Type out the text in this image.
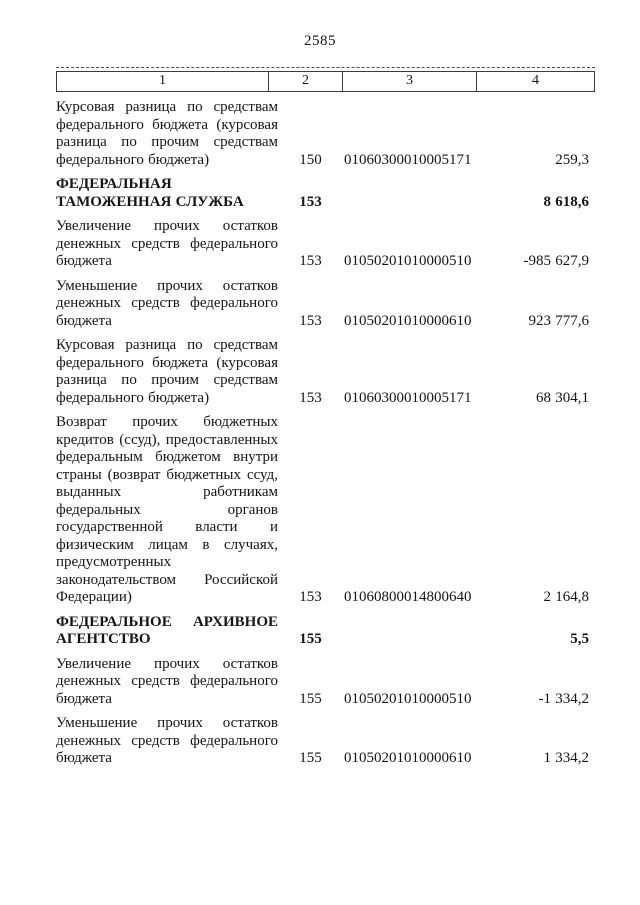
2585
1	2	3	4
Курсовая разница по средствам федерального бюджета (курсовая разница по прочим средствам федерального бюджета)	150	01060300010005171	259,3
ФЕДЕРАЛЬНАЯ ТАМОЖЕННАЯ СЛУЖБА	153		8 618,6
Увеличение прочих остатков денежных средств федерального бюджета	153	01050201010000510	-985 627,9
Уменьшение прочих остатков денежных средств федерального бюджета	153	01050201010000610	923 777,6
Курсовая разница по средствам федерального бюджета (курсовая разница по прочим средствам федерального бюджета)	153	01060300010005171	68 304,1
Возврат прочих бюджетных кредитов (ссуд), предоставленных федеральным бюджетом внутри страны (возврат бюджетных ссуд, выданных работникам федеральных органов государственной власти и физическим лицам в случаях, предусмотренных законодательством Российской Федерации)	153	01060800014800640	2 164,8
ФЕДЕРАЛЬНОЕ АРХИВНОЕ АГЕНТСТВО	155		5,5
Увеличение прочих остатков денежных средств федерального бюджета	155	01050201010000510	-1 334,2
Уменьшение прочих остатков денежных средств федерального бюджета	155	01050201010000610	1 334,2
